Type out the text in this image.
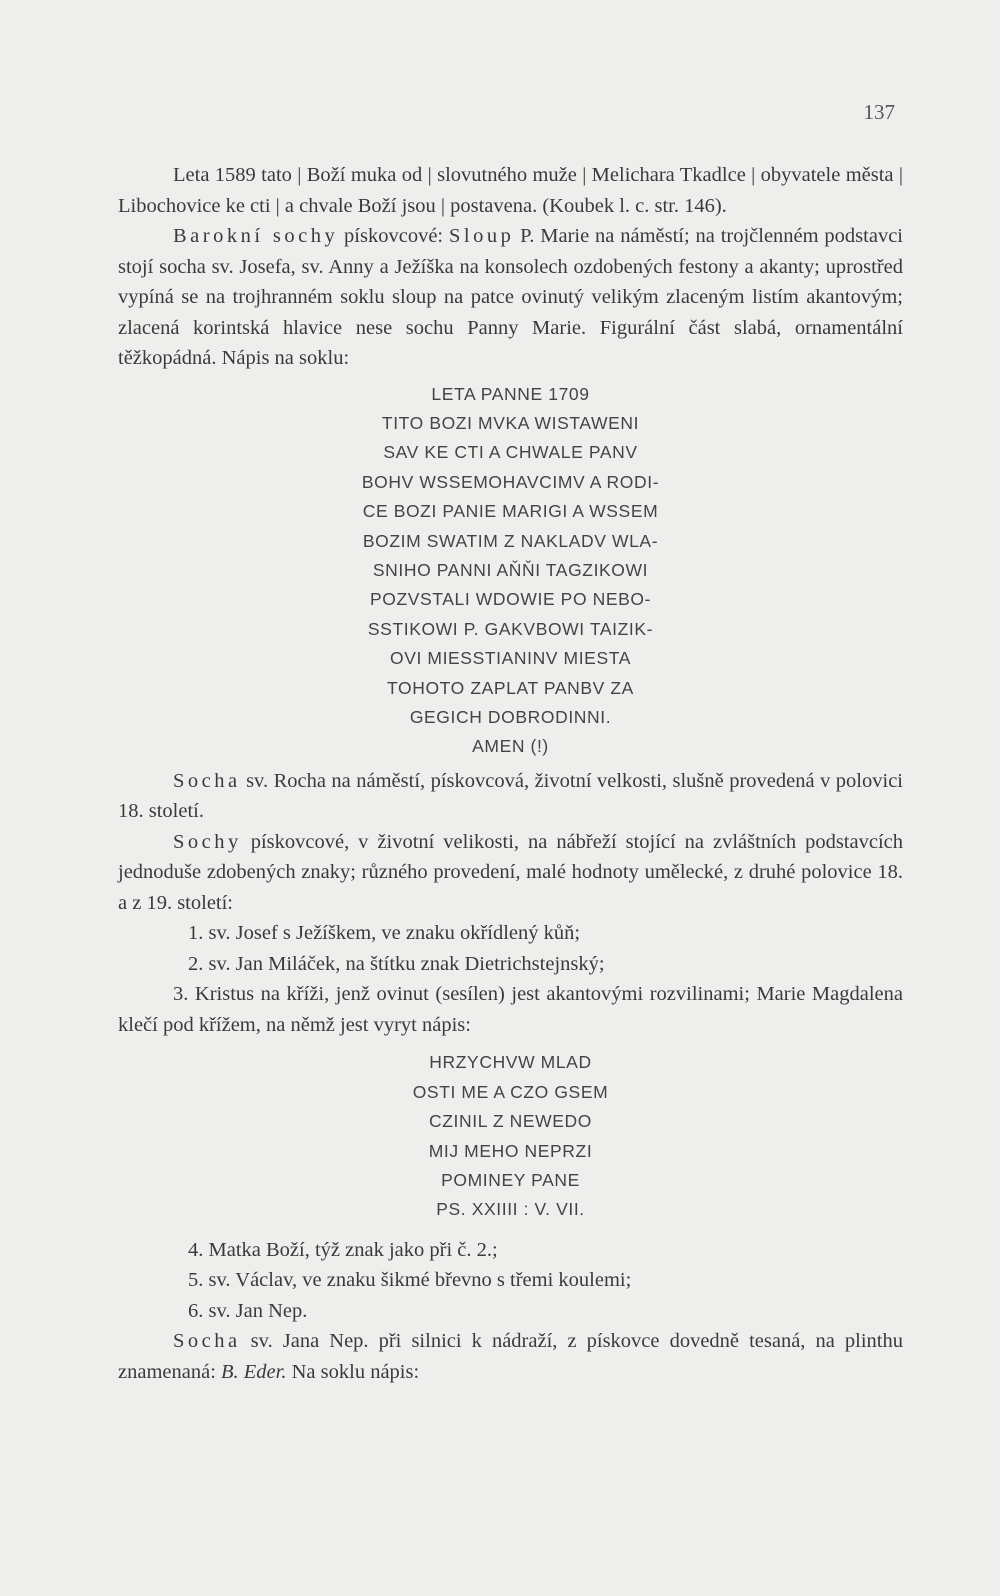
137

Leta 1589 tato | Boží muka od | slovutného muže | Melichara Tkadlce | obyvatele města | Libochovice ke cti | a chvale Boží jsou | postavena. (Koubek l. c. str. 146).

Barokní sochy pískovcové: Sloup P. Marie na náměstí; na trojčlenném podstavci stojí socha sv. Josefa, sv. Anny a Ježíška na konsolech ozdobených festony a akanty; uprostřed vypíná se na trojhranném soklu sloup na patce ovinutý velikým zlaceným listím akantovým; zlacená korintská hlavice nese sochu Panny Marie. Figurální část slabá, ornamentální těžkopádná. Nápis na soklu:

LETA PANNE 1709
TITO BOZI MVKA WISTAWENI
SAV KE CTI A CHWALE PANV
BOHV WSSEMOHAVCIMV A RODI-
CE BOZI PANIE MARIGI A WSSEM
BOZIM SWATIM Z NAKLADV WLA-
SNIHO PANNI AŇŇI TAGZIKOWI
POZVSTALI WDOWIE PO NEBO-
SSTIKOWI P. GAKVBOWI TAIZIK-
OVI MIESSTIANINV MIESTA
TOHOTO ZAPLAT PANBV ZA
GEGICH DOBRODINNI.
AMEN (!)

Socha sv. Rocha na náměstí, pískovcová, životní velkosti, slušně provedená v polovici 18. století.

Sochy pískovcové, v životní velikosti, na nábřeží stojící na zvláštních podstavcích jednoduše zdobených znaky; různého provedení, malé hodnoty umělecké, z druhé polovice 18. a z 19. století:

1. sv. Josef s Ježíškem, ve znaku okřídlený kůň;

2. sv. Jan Miláček, na štítku znak Dietrichstejnský;

3. Kristus na kříži, jenž ovinut (sesílen) jest akantovými rozvilinami; Marie Magdalena klečí pod křížem, na němž jest vyryt nápis:

HRZYCHVW MLAD
OSTI ME A CZO GSEM
CZINIL Z NEWEDO
MIJ MEHO NEPRZI
POMINEY PANE
PS. XXIIII : V. VII.

4. Matka Boží, týž znak jako při č. 2.;

5. sv. Václav, ve znaku šikmé břevno s třemi koulemi;

6. sv. Jan Nep.

Socha sv. Jana Nep. při silnici k nádraží, z pískovce dovedně tesaná, na plinthu znamenaná: B. Eder. Na soklu nápis:
